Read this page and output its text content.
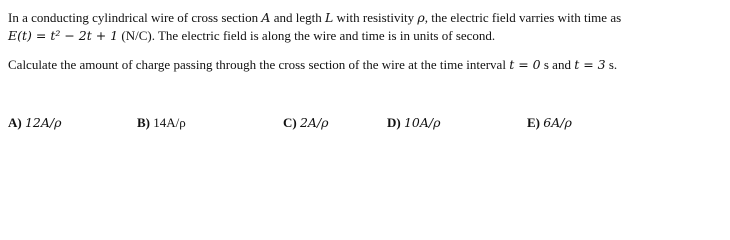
In a conducting cylindrical wire of cross section A and legth L with resistivity ρ, the electric field varries with time as
E(t) = t² − 2t + 1 (N/C). The electric field is along the wire and time is in units of second.
Calculate the amount of charge passing through the cross section of the wire at the time interval t = 0 s and t = 3 s.
A) 12A/ρ	B) 14A/ρ	C) 2A/ρ	D) 10A/ρ	E) 6A/ρ
